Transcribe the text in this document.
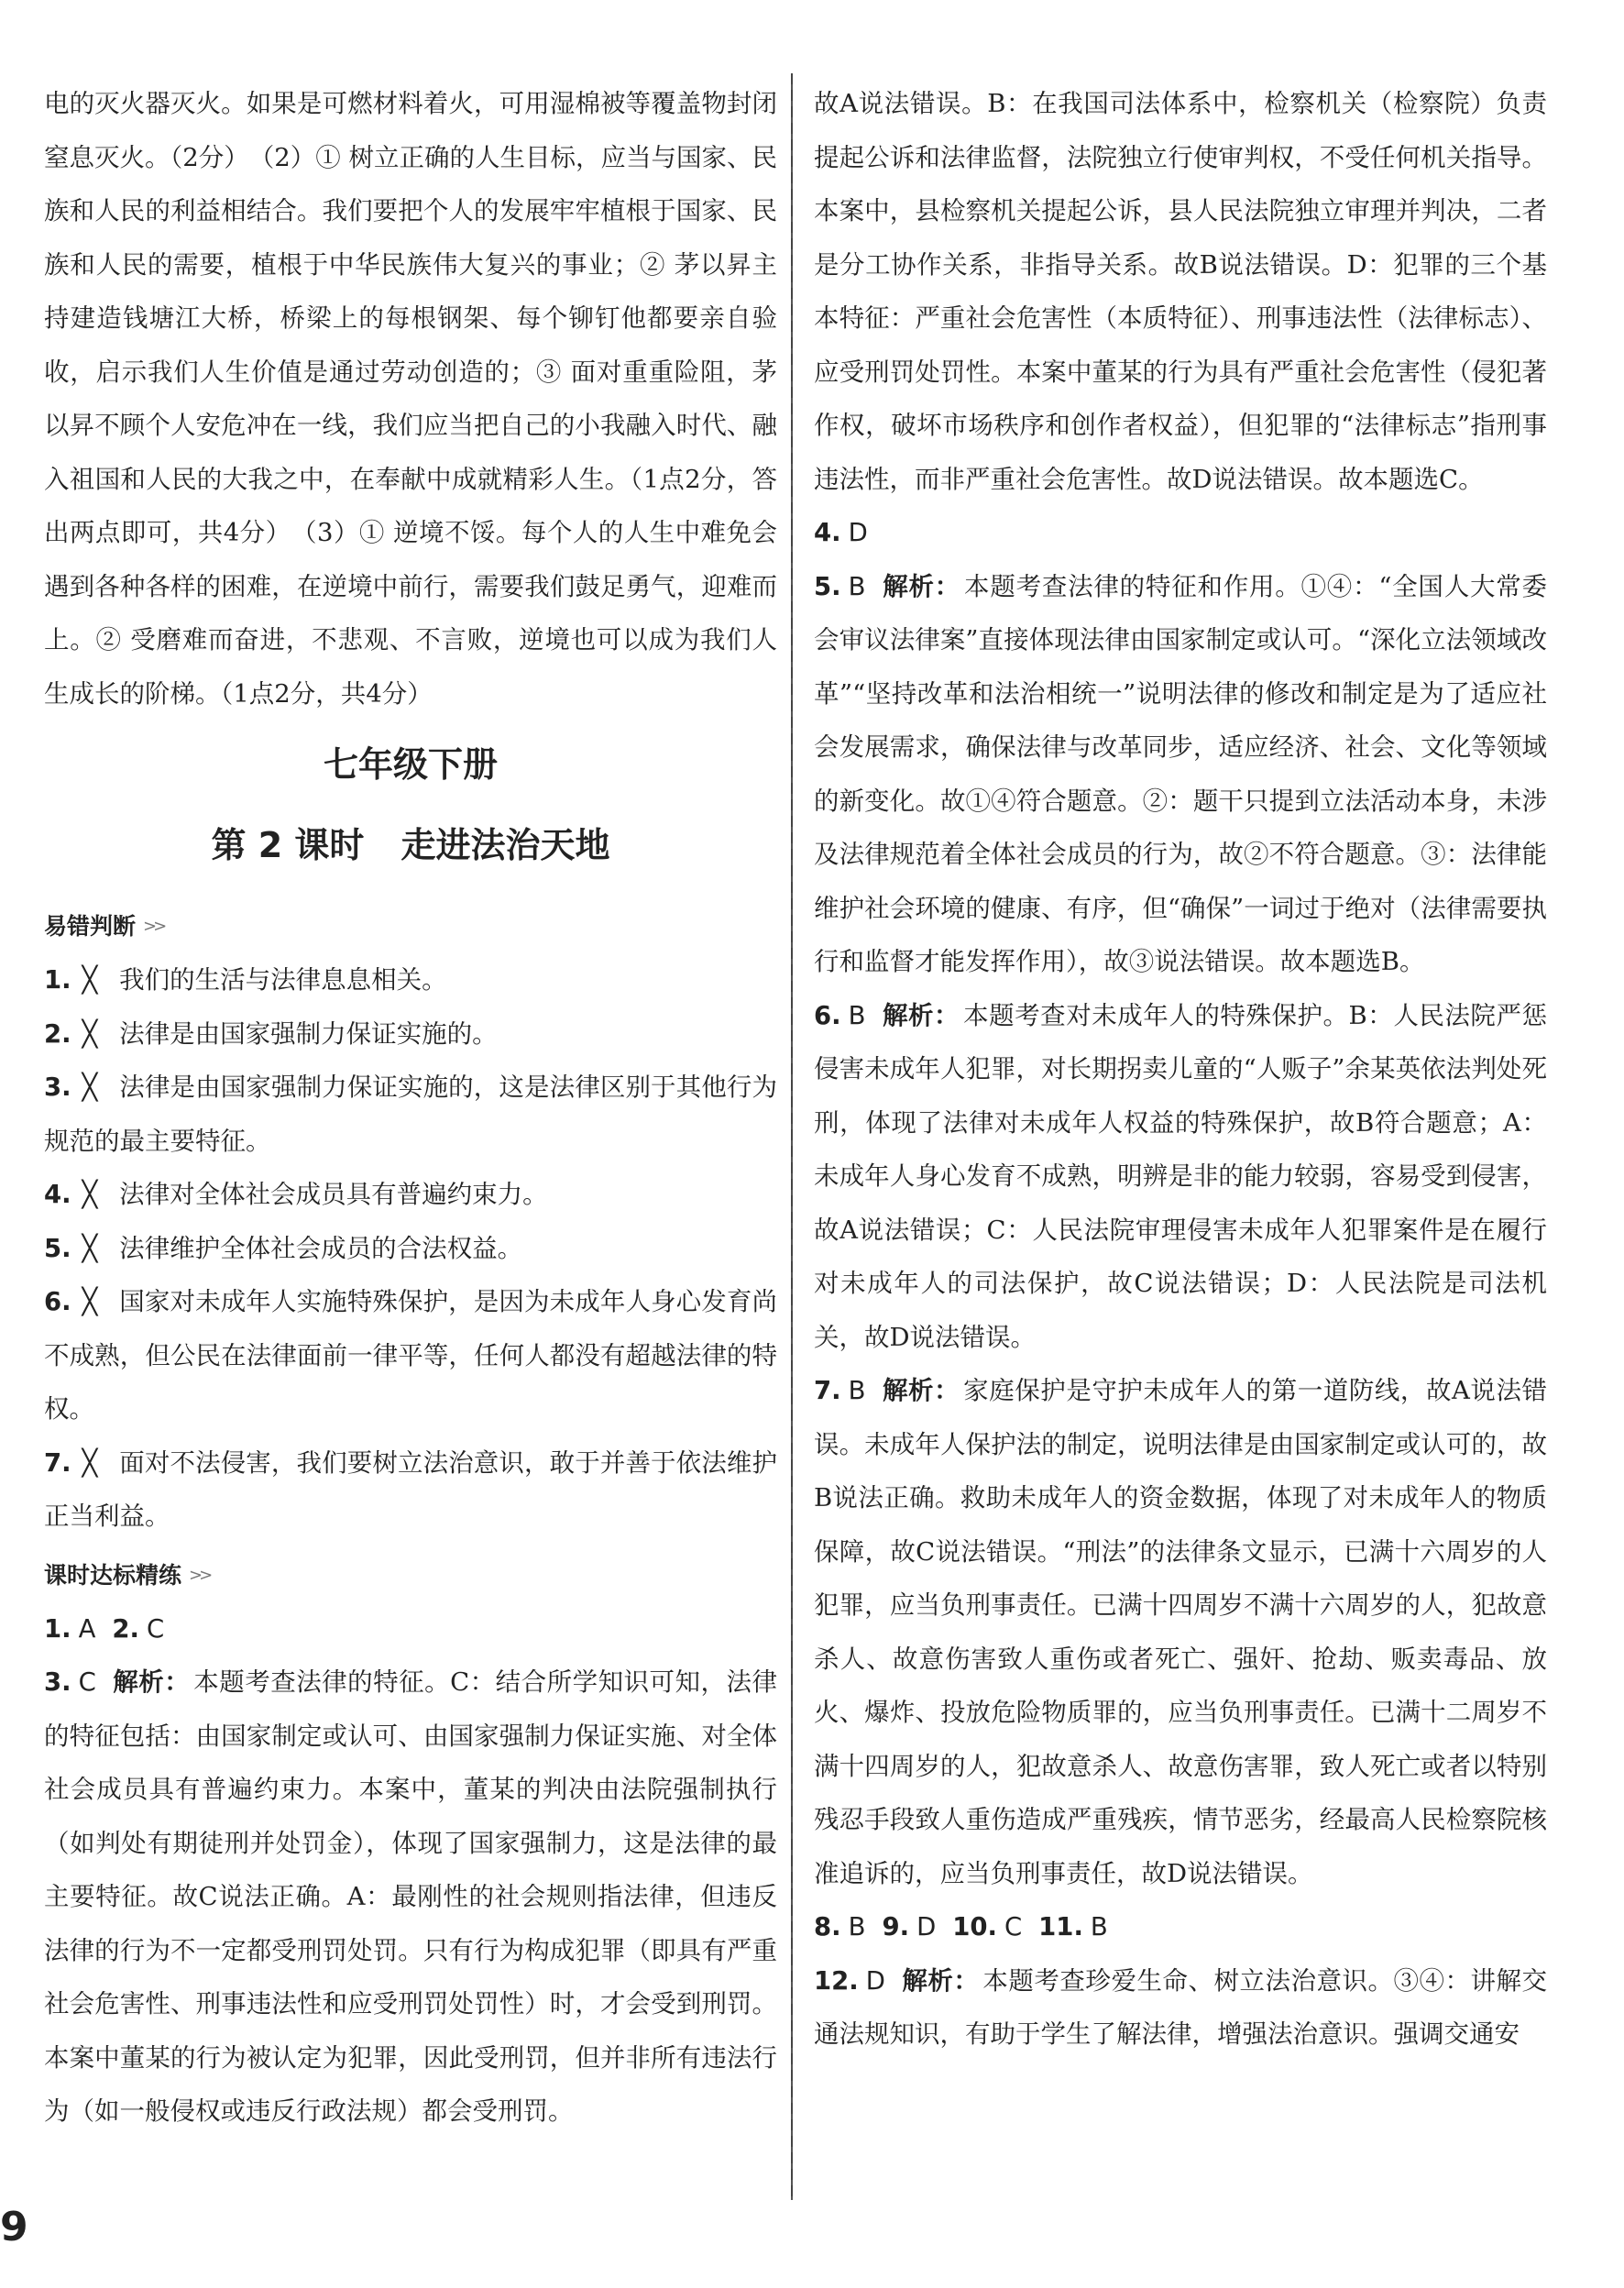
电的灭火器灭火。如果是可燃材料着火，可用湿棉被等覆盖物封闭窒息灭火。（2分）　（2）① 树立正确的人生目标，应当与国家、民族和人民的利益相结合。我们要把个人的发展牢牢植根于国家、民族和人民的需要，植根于中华民族伟大复兴的事业；② 茅以昇主持建造钱塘江大桥，桥梁上的每根钢架、每个铆钉他都要亲自验收，启示我们人生价值是通过劳动创造的；③ 面对重重险阻，茅以昇不顾个人安危冲在一线，我们应当把自己的小我融入时代、融入祖国和人民的大我之中，在奉献中成就精彩人生。（1点2分，答出两点即可，共4分）　（3）① 逆境不馁。每个人的人生中难免会遇到各种各样的困难，在逆境中前行，需要我们鼓足勇气，迎难而上。② 受磨难而奋进，不悲观、不言败，逆境也可以成为我们人生成长的阶梯。（1点2分，共4分）

七年级下册
第 2 课时 走进法治天地
易错判断 >>

1. ╳ 我们的生活与法律息息相关。

2. ╳ 法律是由国家强制力保证实施的。

3. ╳ 法律是由国家强制力保证实施的，这是法律区别于其他行为规范的最主要特征。

4. ╳ 法律对全体社会成员具有普遍约束力。

5. ╳ 法律维护全体社会成员的合法权益。

6. ╳ 国家对未成年人实施特殊保护，是因为未成年人身心发育尚不成熟，但公民在法律面前一律平等，任何人都没有超越法律的特权。

7. ╳ 面对不法侵害，我们要树立法治意识，敢于并善于依法维护正当利益。

课时达标精练 >>

1. A 2. C

3. C 解析： 本题考查法律的特征。C：结合所学知识可知，法律的特征包括：由国家制定或认可、由国家强制力保证实施、对全体社会成员具有普遍约束力。本案中，董某的判决由法院强制执行（如判处有期徒刑并处罚金），体现了国家强制力，这是法律的最主要特征。故C说法正确。A：最刚性的社会规则指法律，但违反法律的行为不一定都受刑罚处罚。只有行为构成犯罪（即具有严重社会危害性、刑事违法性和应受刑罚处罚性）时，才会受到刑罚。本案中董某的行为被认定为犯罪，因此受刑罚，但并非所有违法行为（如一般侵权或违反行政法规）都会受刑罚。

故A说法错误。B：在我国司法体系中，检察机关（检察院）负责提起公诉和法律监督，法院独立行使审判权，不受任何机关指导。本案中，县检察机关提起公诉，县人民法院独立审理并判决，二者是分工协作关系，非指导关系。故B说法错误。D：犯罪的三个基本特征：严重社会危害性（本质特征）、刑事违法性（法律标志）、应受刑罚处罚性。本案中董某的行为具有严重社会危害性（侵犯著作权，破坏市场秩序和创作者权益），但犯罪的“法律标志”指刑事违法性，而非严重社会危害性。故D说法错误。故本题选C。

4. D

5. B 解析： 本题考查法律的特征和作用。①④：“全国人大常委会审议法律案”直接体现法律由国家制定或认可。“深化立法领域改革”“坚持改革和法治相统一”说明法律的修改和制定是为了适应社会发展需求，确保法律与改革同步，适应经济、社会、文化等领域的新变化。故①④符合题意。②：题干只提到立法活动本身，未涉及法律规范着全体社会成员的行为，故②不符合题意。③：法律能维护社会环境的健康、有序，但“确保”一词过于绝对（法律需要执行和监督才能发挥作用），故③说法错误。故本题选B。

6. B 解析： 本题考查对未成年人的特殊保护。B：人民法院严惩侵害未成年人犯罪，对长期拐卖儿童的“人贩子”余某英依法判处死刑，体现了法律对未成年人权益的特殊保护，故B符合题意；A：未成年人身心发育不成熟，明辨是非的能力较弱，容易受到侵害，故A说法错误；C：人民法院审理侵害未成年人犯罪案件是在履行对未成年人的司法保护，故C说法错误；D：人民法院是司法机关，故D说法错误。

7. B 解析： 家庭保护是守护未成年人的第一道防线，故A说法错误。未成年人保护法的制定，说明法律是由国家制定或认可的，故B说法正确。救助未成年人的资金数据，体现了对未成年人的物质保障，故C说法错误。“刑法”的法律条文显示，已满十六周岁的人犯罪，应当负刑事责任。已满十四周岁不满十六周岁的人，犯故意杀人、故意伤害致人重伤或者死亡、强奸、抢劫、贩卖毒品、放火、爆炸、投放危险物质罪的，应当负刑事责任。已满十二周岁不满十四周岁的人，犯故意杀人、故意伤害罪，致人死亡或者以特别残忍手段致人重伤造成严重残疾，情节恶劣，经最高人民检察院核准追诉的，应当负刑事责任，故D说法错误。

8. B 9. D 10. C 11. B

12. D 解析： 本题考查珍爱生命、树立法治意识。③④：讲解交通法规知识，有助于学生了解法律，增强法治意识。强调交通安

9
